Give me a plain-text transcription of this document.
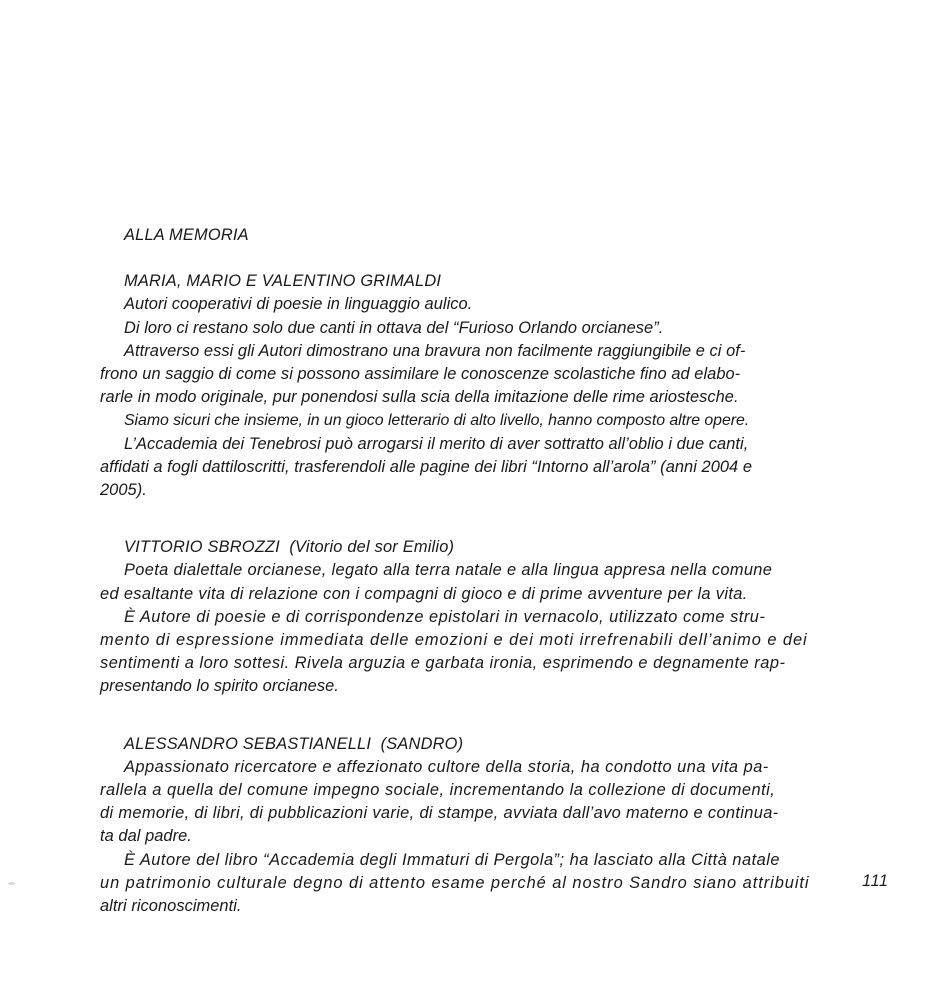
ALLA MEMORIA
MARIA, MARIO E VALENTINO GRIMALDI
Autori cooperativi di poesie in linguaggio aulico.
Di loro ci restano solo due canti in ottava del “Furioso Orlando orcianese”.
Attraverso essi gli Autori dimostrano una bravura non facilmente raggiungibile e ci of-
frono un saggio di come si possono assimilare le conoscenze scolastiche fino ad elabo-
rarle in modo originale, pur ponendosi sulla scia della imitazione delle rime ariostesche.
Siamo sicuri che insieme, in un gioco letterario di alto livello, hanno composto altre opere.
L’Accademia dei Tenebrosi può arrogarsi il merito di aver sottratto all’oblio i due canti,
affidati a fogli dattiloscritti, trasferendoli alle pagine dei libri “Intorno all’arola” (anni 2004 e
2005).
VITTORIO SBROZZI  (Vitorio del sor Emilio)
Poeta dialettale orcianese, legato alla terra natale e alla lingua appresa nella comune
ed esaltante vita di relazione con i compagni di gioco e di prime avventure per la vita.
È Autore di poesie e di corrispondenze epistolari in vernacolo, utilizzato come stru-
mento di espressione immediata delle emozioni e dei moti irrefrenabili dell’animo e dei
sentimenti a loro sottesi. Rivela arguzia e garbata ironia, esprimendo e degnamente rap-
presentando lo spirito orcianese.
ALESSANDRO SEBASTIANELLI  (SANDRO)
Appassionato ricercatore e affezionato cultore della storia, ha condotto una vita pa-
rallela a quella del comune impegno sociale, incrementando la collezione di documenti,
di memorie, di libri, di pubblicazioni varie, di stampe, avviata dall’avo materno e continua-
ta dal padre.
È Autore del libro “Accademia degli Immaturi di Pergola”; ha lasciato alla Città natale
un patrimonio culturale degno di attento esame perché al nostro Sandro siano attribuiti
altri riconoscimenti.
111
